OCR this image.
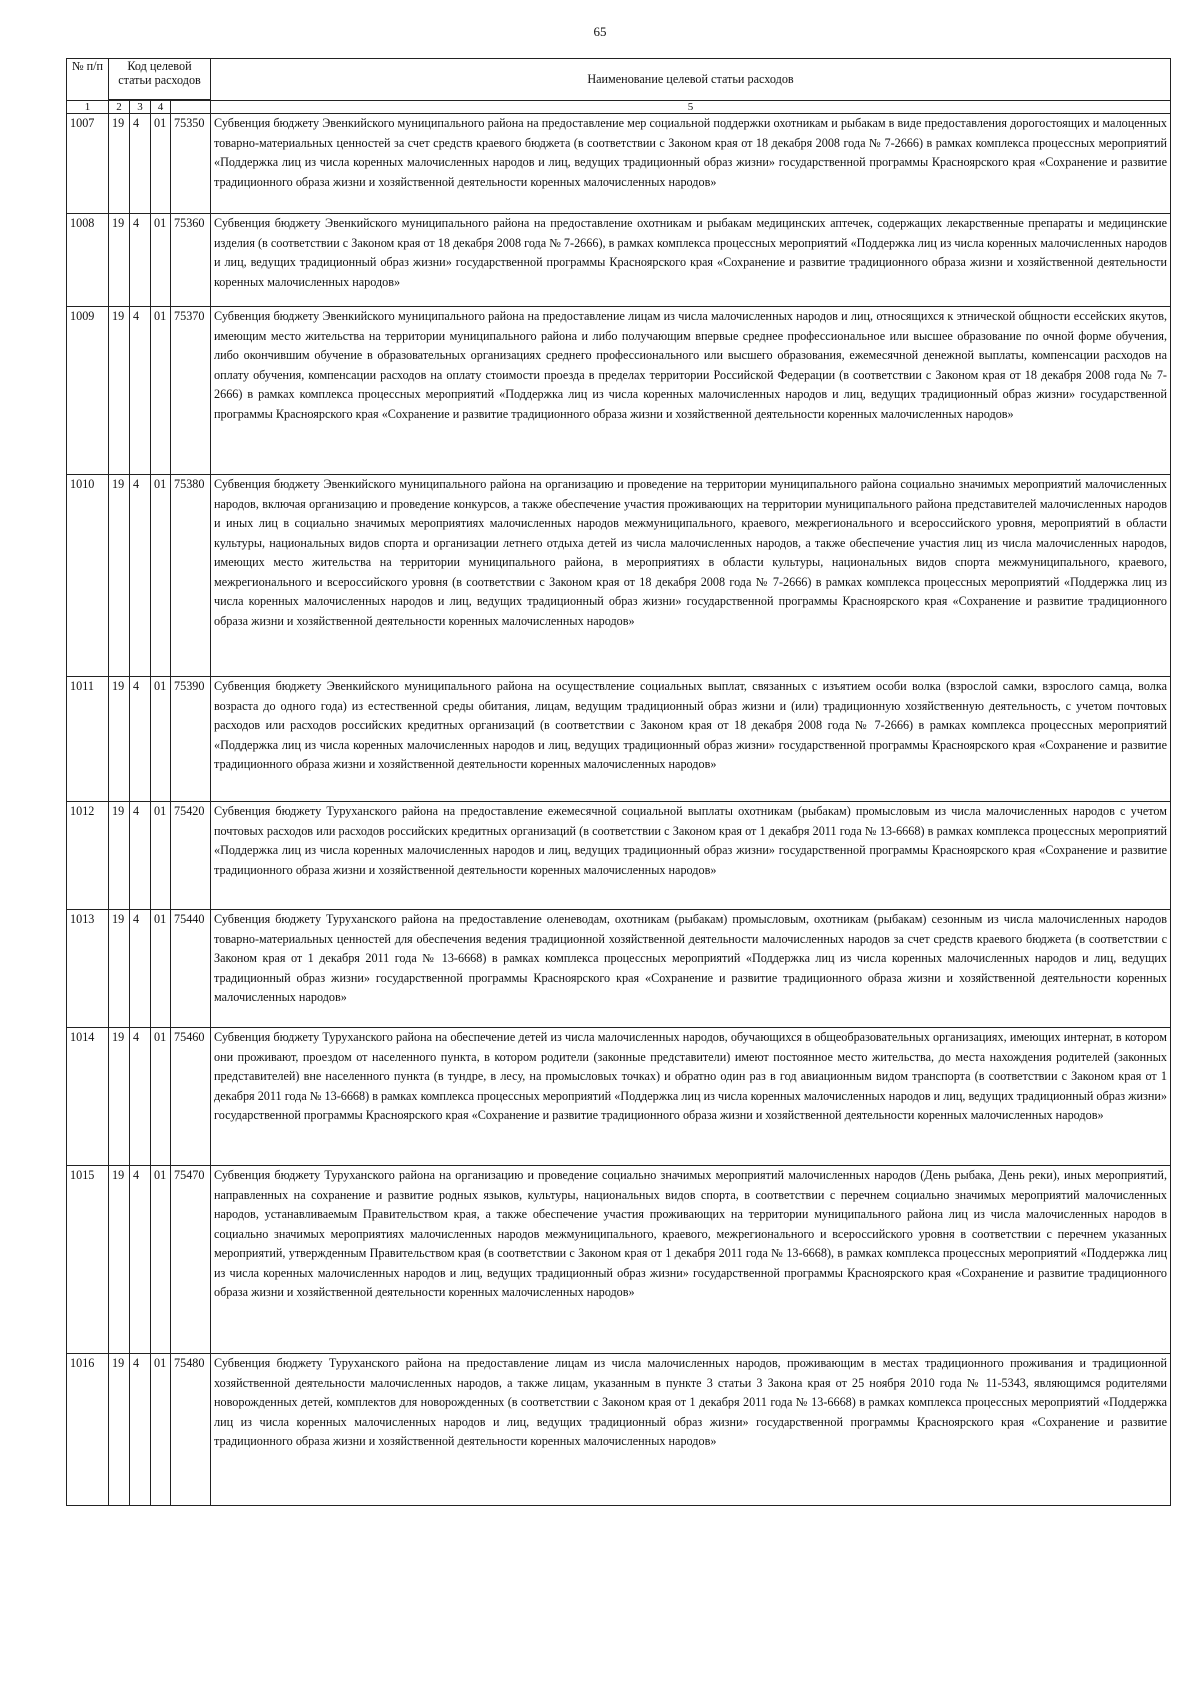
65
№ п/п	Код целевой статьи расходов				Наименование целевой статьи расходов

1	2	3	4		5
1007	19	4	01	75350	Субвенция бюджету Эвенкийского муниципального района на предоставление мер социальной поддержки охотникам и рыбакам в виде предоставления дорогостоящих и малоценных товарно-материальных ценностей за счет средств краевого бюджета (в соответствии с Законом края от 18 декабря 2008 года № 7-2666) в рамках комплекса процессных мероприятий «Поддержка лиц из числа коренных малочисленных народов и лиц, ведущих традиционный образ жизни» государственной программы Красноярского края «Сохранение и развитие традиционного образа жизни и хозяйственной деятельности коренных малочисленных народов»
1008	19	4	01	75360	Субвенция бюджету Эвенкийского муниципального района на предоставление охотникам и рыбакам медицинских аптечек, содержащих лекарственные препараты и медицинские изделия (в соответствии с Законом края от 18 декабря 2008 года № 7-2666), в рамках комплекса процессных мероприятий «Поддержка лиц из числа коренных малочисленных народов и лиц, ведущих традиционный образ жизни» государственной программы Красноярского края «Сохранение и развитие традиционного образа жизни и хозяйственной деятельности коренных малочисленных народов»
1009	19	4	01	75370	Субвенция бюджету Эвенкийского муниципального района на предоставление лицам из числа малочисленных народов и лиц, относящихся к этнической общности ессейских якутов, имеющим место жительства на территории муниципального района и либо получающим впервые среднее профессиональное или высшее образование по очной форме обучения, либо окончившим обучение в образовательных организациях среднего профессионального или высшего образования, ежемесячной денежной выплаты, компенсации расходов на оплату обучения, компенсации расходов на оплату стоимости проезда в пределах территории Российской Федерации (в соответствии с Законом края от 18 декабря 2008 года № 7-2666) в рамках комплекса процессных мероприятий «Поддержка лиц из числа коренных малочисленных народов и лиц, ведущих традиционный образ жизни» государственной программы Красноярского края «Сохранение и развитие традиционного образа жизни и хозяйственной деятельности коренных малочисленных народов»
1010	19	4	01	75380	Субвенция бюджету Эвенкийского муниципального района на организацию и проведение на территории муниципального района социально значимых мероприятий малочисленных народов, включая организацию и проведение конкурсов, а также обеспечение участия проживающих на территории муниципального района представителей малочисленных народов и иных лиц в социально значимых мероприятиях малочисленных народов межмуниципального, краевого, межрегионального и всероссийского уровня, мероприятий в области культуры, национальных видов спорта и организации летнего отдыха детей из числа малочисленных народов, а также обеспечение участия лиц из числа малочисленных народов, имеющих место жительства на территории муниципального района, в мероприятиях в области культуры, национальных видов спорта межмуниципального, краевого, межрегионального и всероссийского уровня (в соответствии с Законом края от 18 декабря 2008 года № 7-2666) в рамках комплекса процессных мероприятий «Поддержка лиц из числа коренных малочисленных народов и лиц, ведущих традиционный образ жизни» государственной программы Красноярского края «Сохранение и развитие традиционного образа жизни и хозяйственной деятельности коренных малочисленных народов»
1011	19	4	01	75390	Субвенция бюджету Эвенкийского муниципального района на осуществление социальных выплат, связанных с изъятием особи волка (взрослой самки, взрослого самца, волка возраста до одного года) из естественной среды обитания, лицам, ведущим традиционный образ жизни и (или) традиционную хозяйственную деятельность, с учетом почтовых расходов или расходов российских кредитных организаций (в соответствии с Законом края от 18 декабря 2008 года № 7-2666) в рамках комплекса процессных мероприятий «Поддержка лиц из числа коренных малочисленных народов и лиц, ведущих традиционный образ жизни» государственной программы Красноярского края «Сохранение и развитие традиционного образа жизни и хозяйственной деятельности коренных малочисленных народов»
1012	19	4	01	75420	Субвенция бюджету Туруханского района на предоставление ежемесячной социальной выплаты охотникам (рыбакам) промысловым из числа малочисленных народов с учетом почтовых расходов или расходов российских кредитных организаций (в соответствии с Законом края от 1 декабря 2011 года № 13-6668) в рамках комплекса процессных мероприятий «Поддержка лиц из числа коренных малочисленных народов и лиц, ведущих традиционный образ жизни» государственной программы Красноярского края «Сохранение и развитие традиционного образа жизни и хозяйственной деятельности коренных малочисленных народов»
1013	19	4	01	75440	Субвенция бюджету Туруханского района на предоставление оленеводам, охотникам (рыбакам) промысловым, охотникам (рыбакам) сезонным из числа малочисленных народов товарно-материальных ценностей для обеспечения ведения традиционной хозяйственной деятельности малочисленных народов за счет средств краевого бюджета (в соответствии с Законом края от 1 декабря 2011 года № 13-6668) в рамках комплекса процессных мероприятий «Поддержка лиц из числа коренных малочисленных народов и лиц, ведущих традиционный образ жизни» государственной программы Красноярского края «Сохранение и развитие традиционного образа жизни и хозяйственной деятельности коренных малочисленных народов»
1014	19	4	01	75460	Субвенция бюджету Туруханского района на обеспечение детей из числа малочисленных народов, обучающихся в общеобразовательных организациях, имеющих интернат, в котором они проживают, проездом от населенного пункта, в котором родители (законные представители) имеют постоянное место жительства, до места нахождения родителей (законных представителей) вне населенного пункта (в тундре, в лесу, на промысловых точках) и обратно один раз в год авиационным видом транспорта (в соответствии с Законом края от 1 декабря 2011 года № 13-6668) в рамках комплекса процессных мероприятий «Поддержка лиц из числа коренных малочисленных народов и лиц, ведущих традиционный образ жизни» государственной программы Красноярского края «Сохранение и развитие традиционного образа жизни и хозяйственной деятельности коренных малочисленных народов»
1015	19	4	01	75470	Субвенция бюджету Туруханского района на организацию и проведение социально значимых мероприятий малочисленных народов (День рыбака, День реки), иных мероприятий, направленных на сохранение и развитие родных языков, культуры, национальных видов спорта, в соответствии с перечнем социально значимых мероприятий малочисленных народов, устанавливаемым Правительством края, а также обеспечение участия проживающих на территории муниципального района лиц из числа малочисленных народов в социально значимых мероприятиях малочисленных народов межмуниципального, краевого, межрегионального и всероссийского уровня в соответствии с перечнем указанных мероприятий, утвержденным Правительством края (в соответствии с Законом края от 1 декабря 2011 года № 13-6668), в рамках комплекса процессных мероприятий «Поддержка лиц из числа коренных малочисленных народов и лиц, ведущих традиционный образ жизни» государственной программы Красноярского края «Сохранение и развитие традиционного образа жизни и хозяйственной деятельности коренных малочисленных народов»
1016	19	4	01	75480	Субвенция бюджету Туруханского района на предоставление лицам из числа малочисленных народов, проживающим в местах традиционного проживания и традиционной хозяйственной деятельности малочисленных народов, а также лицам, указанным в пункте 3 статьи 3 Закона края от 25 ноября 2010 года № 11-5343, являющимся родителями новорожденных детей, комплектов для новорожденных (в соответствии с Законом края от 1 декабря 2011 года № 13-6668) в рамках комплекса процессных мероприятий «Поддержка лиц из числа коренных малочисленных народов и лиц, ведущих традиционный образ жизни» государственной программы Красноярского края «Сохранение и развитие традиционного образа жизни и хозяйственной деятельности коренных малочисленных народов»
